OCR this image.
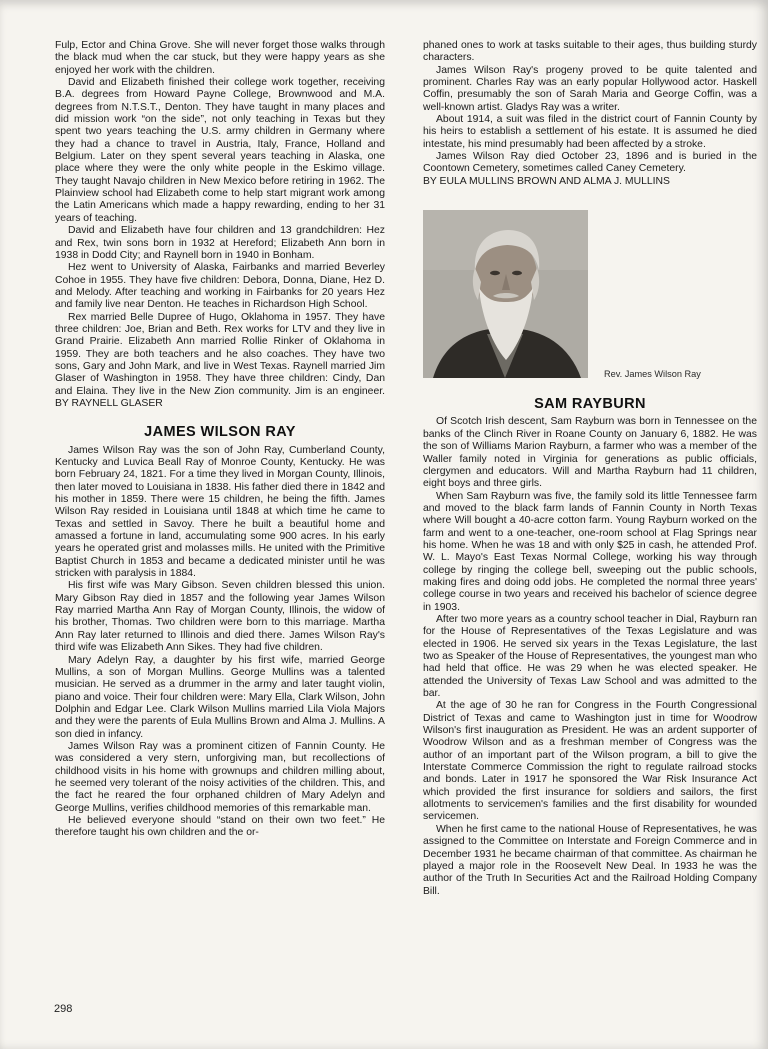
Fulp, Ector and China Grove. She will never forget those walks through the black mud when the car stuck, but they were happy years as she enjoyed her work with the children.

David and Elizabeth finished their college work together, receiving B.A. degrees from Howard Payne College, Brownwood and M.A. degrees from N.T.S.T., Denton. They have taught in many places and did mission work “on the side”, not only teaching in Texas but they spent two years teaching the U.S. army children in Germany where they had a chance to travel in Austria, Italy, France, Holland and Belgium. Later on they spent several years teaching in Alaska, one place where they were the only white people in the Eskimo village. They taught Navajo children in New Mexico before retiring in 1962. The Plainview school had Elizabeth come to help start migrant work among the Latin Americans which made a happy rewarding, ending to her 31 years of teaching.

David and Elizabeth have four children and 13 grandchildren: Hez and Rex, twin sons born in 1932 at Hereford; Elizabeth Ann born in 1938 in Dodd City; and Raynell born in 1940 in Bonham.

Hez went to University of Alaska, Fairbanks and married Beverley Cohoe in 1955. They have five children: Debora, Donna, Diane, Hez D. and Melody. After teaching and working in Fairbanks for 20 years Hez and family live near Denton. He teaches in Richardson High School.

Rex married Belle Dupree of Hugo, Oklahoma in 1957. They have three children: Joe, Brian and Beth. Rex works for LTV and they live in Grand Prairie. Elizabeth Ann married Rollie Rinker of Oklahoma in 1959. They are both teachers and he also coaches. They have two sons, Gary and John Mark, and live in West Texas. Raynell married Jim Glaser of Washington in 1958. They have three children: Cindy, Dan and Elaina. They live in the New Zion community. Jim is an engineer. BY RAYNELL GLASER

JAMES WILSON RAY

James Wilson Ray was the son of John Ray, Cumberland County, Kentucky and Luvica Beall Ray of Monroe County, Kentucky. He was born February 24, 1821. For a time they lived in Morgan County, Illinois, then later moved to Louisiana in 1838. His father died there in 1842 and his mother in 1859. There were 15 children, he being the fifth. James Wilson Ray resided in Louisiana until 1848 at which time he came to Texas and settled in Savoy. There he built a beautiful home and amassed a fortune in land, accumulating some 900 acres. In his early years he operated grist and molasses mills. He united with the Primitive Baptist Church in 1853 and became a dedicated minister until he was stricken with paralysis in 1884.

His first wife was Mary Gibson. Seven children blessed this union. Mary Gibson Ray died in 1857 and the following year James Wilson Ray married Martha Ann Ray of Morgan County, Illinois, the widow of his brother, Thomas. Two children were born to this marriage. Martha Ann Ray later returned to Illinois and died there. James Wilson Ray's third wife was Elizabeth Ann Sikes. They had five children.

Mary Adelyn Ray, a daughter by his first wife, married George Mullins, a son of Morgan Mullins. George Mullins was a talented musician. He served as a drummer in the army and later taught violin, piano and voice. Their four children were: Mary Ella, Clark Wilson, John Dolphin and Edgar Lee. Clark Wilson Mullins married Lila Viola Majors and they were the parents of Eula Mullins Brown and Alma J. Mullins. A son died in infancy.

James Wilson Ray was a prominent citizen of Fannin County. He was considered a very stern, unforgiving man, but recollections of childhood visits in his home with grownups and children milling about, he seemed very tolerant of the noisy activities of the children. This, and the fact he reared the four orphaned children of Mary Adelyn and George Mullins, verifies childhood memories of this remarkable man.

He believed everyone should “stand on their own two feet.” He therefore taught his own children and the or-

phaned ones to work at tasks suitable to their ages, thus building sturdy characters.

James Wilson Ray's progeny proved to be quite talented and prominent. Charles Ray was an early popular Hollywood actor. Haskell Coffin, presumably the son of Sarah Maria and George Coffin, was a well-known artist. Gladys Ray was a writer.

About 1914, a suit was filed in the district court of Fannin County by his heirs to establish a settlement of his estate. It is assumed he died intestate, his mind presumably had been affected by a stroke.

James Wilson Ray died October 23, 1896 and is buried in the Coontown Cemetery, sometimes called Caney Cemetery.

BY EULA MULLINS BROWN AND ALMA J. MULLINS

Rev. James Wilson Ray
SAM RAYBURN

Of Scotch Irish descent, Sam Rayburn was born in Tennessee on the banks of the Clinch River in Roane County on January 6, 1882. He was the son of Williams Marion Rayburn, a farmer who was a member of the Waller family noted in Virginia for generations as public officials, clergymen and educators. Will and Martha Rayburn had 11 children, eight boys and three girls.

When Sam Rayburn was five, the family sold its little Tennessee farm and moved to the black farm lands of Fannin County in North Texas where Will bought a 40-acre cotton farm. Young Rayburn worked on the farm and went to a one-teacher, one-room school at Flag Springs near his home. When he was 18 and with only $25 in cash, he attended Prof. W. L. Mayo's East Texas Normal College, working his way through college by ringing the college bell, sweeping out the public schools, making fires and doing odd jobs. He completed the normal three years' college course in two years and received his bachelor of science degree in 1903.

After two more years as a country school teacher in Dial, Rayburn ran for the House of Representatives of the Texas Legislature and was elected in 1906. He served six years in the Texas Legislature, the last two as Speaker of the House of Representatives, the youngest man who had held that office. He was 29 when he was elected speaker. He attended the University of Texas Law School and was admitted to the bar.

At the age of 30 he ran for Congress in the Fourth Congressional District of Texas and came to Washington just in time for Woodrow Wilson's first inauguration as President. He was an ardent supporter of Woodrow Wilson and as a freshman member of Congress was the author of an important part of the Wilson program, a bill to give the Interstate Commerce Commission the right to regulate railroad stocks and bonds. Later in 1917 he sponsored the War Risk Insurance Act which provided the first insurance for soldiers and sailors, the first allotments to servicemen's families and the first disability for wounded servicemen.

When he first came to the national House of Representatives, he was assigned to the Committee on Interstate and Foreign Commerce and in December 1931 he became chairman of that committee. As chairman he played a major role in the Roosevelt New Deal. In 1933 he was the author of the Truth In Securities Act and the Railroad Holding Company Bill.

298
